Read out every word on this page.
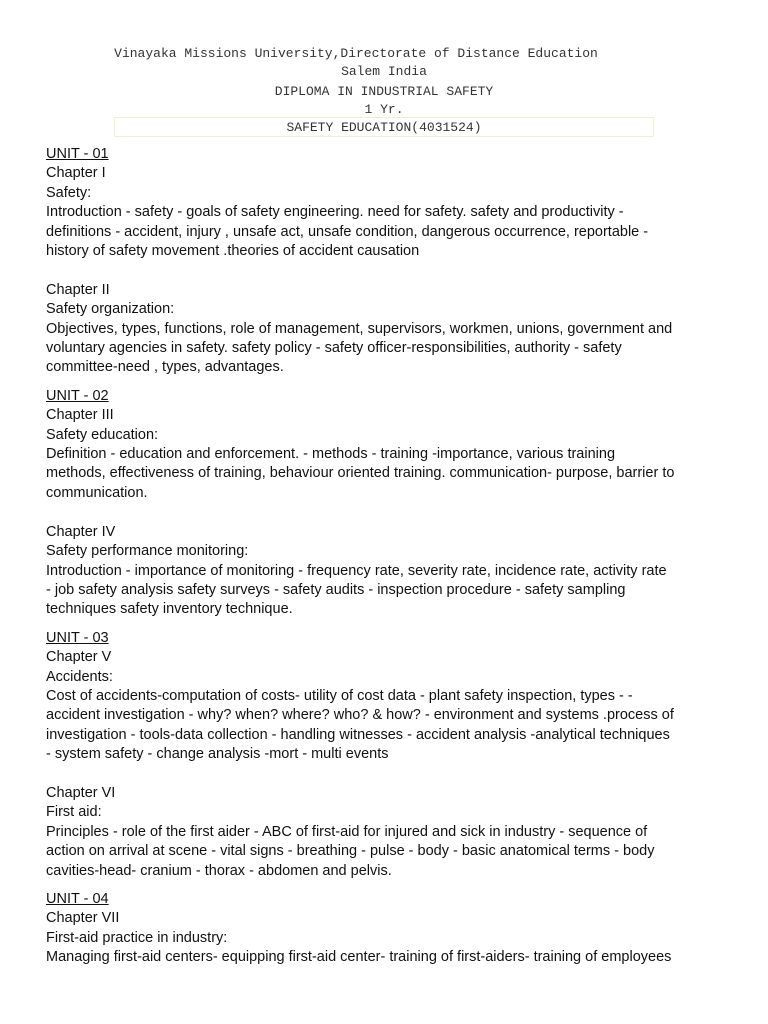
Vinayaka Missions University,Directorate of Distance Education
Salem India
DIPLOMA IN INDUSTRIAL SAFETY
1 Yr.
SAFETY EDUCATION(4031524)

UNIT - 01

Chapter I

Safety:

Introduction - safety - goals of safety engineering. need for safety. safety and productivity -

definitions - accident, injury , unsafe act, unsafe condition, dangerous occurrence, reportable -

history of safety movement .theories of accident causation

Chapter II

Safety organization:

Objectives, types, functions, role of management, supervisors, workmen, unions, government and

voluntary agencies in safety. safety policy - safety officer-responsibilities, authority - safety

committee-need , types, advantages.

UNIT - 02

Chapter III

Safety education:

Definition - education and enforcement. - methods - training -importance, various training

methods, effectiveness of training, behaviour oriented training. communication- purpose, barrier to

communication.

Chapter IV

Safety performance monitoring:

Introduction - importance of monitoring - frequency rate, severity rate, incidence rate, activity rate

- job safety analysis safety surveys - safety audits - inspection procedure - safety sampling

techniques safety inventory technique.

UNIT - 03

Chapter V

Accidents:

Cost of accidents-computation of costs- utility of cost data - plant safety inspection, types - -

accident investigation - why? when? where? who? & how? - environment and systems .process of

investigation - tools-data collection - handling witnesses - accident analysis -analytical techniques

- system safety - change analysis -mort - multi events

Chapter VI

First aid:

Principles - role of the first aider - ABC of first-aid for injured and sick in industry - sequence of

action on arrival at scene - vital signs - breathing - pulse - body - basic anatomical terms - body

cavities-head- cranium - thorax - abdomen and pelvis.

UNIT - 04

Chapter VII

First-aid practice in industry:

Managing first-aid centers- equipping first-aid center- training of first-aiders- training of employees
